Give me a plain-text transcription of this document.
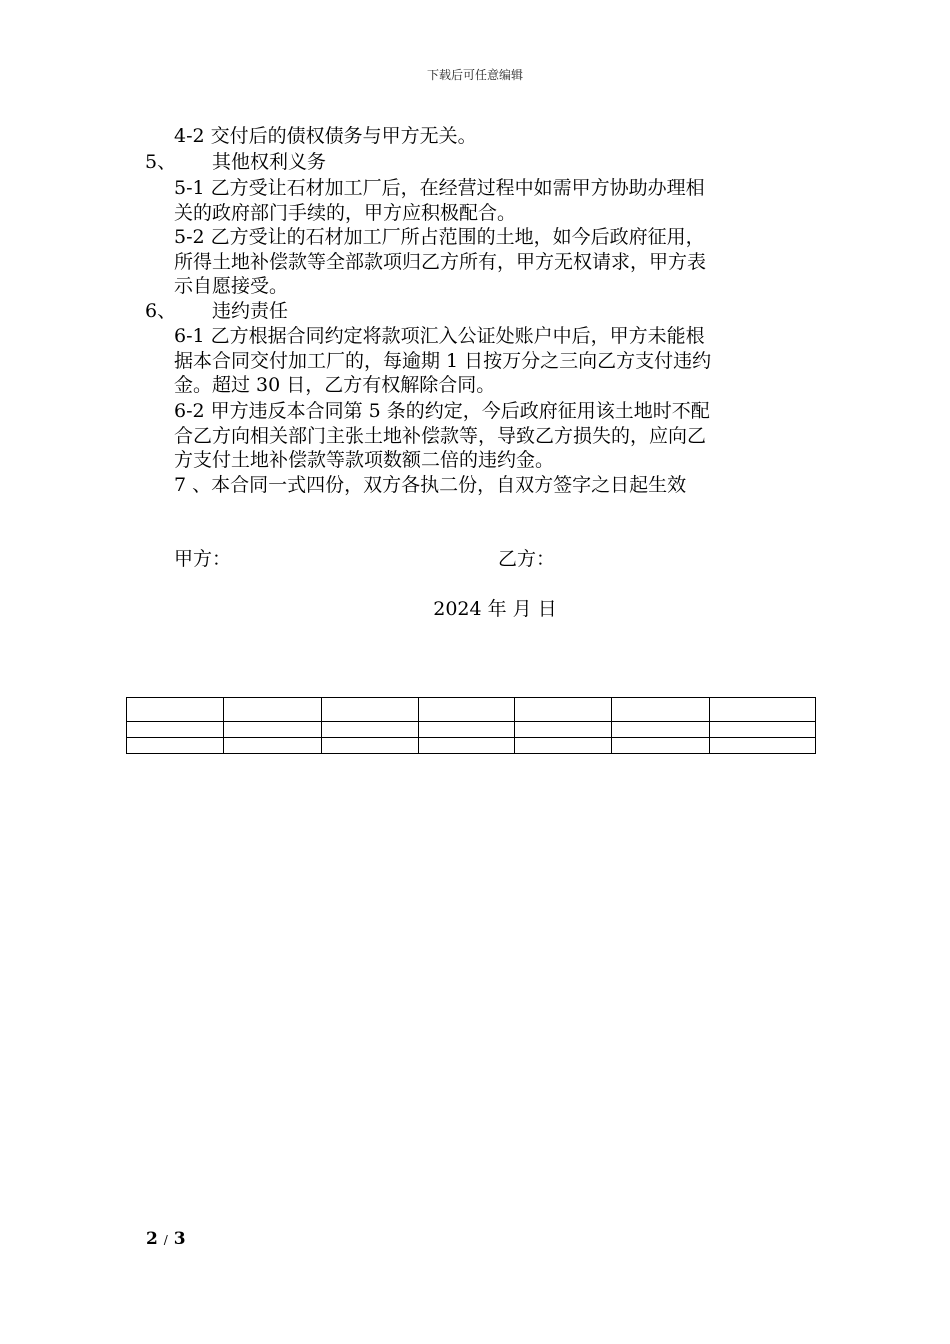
下载后可任意编辑
4-2 交付后的债权债务与甲方无关。
5、 其他权利义务
5-1 乙方受让石材加工厂后，在经营过程中如需甲方协助办理相
关的政府部门手续的，甲方应积极配合。
5-2 乙方受让的石材加工厂所占范围的土地，如今后政府征用，
所得土地补偿款等全部款项归乙方所有，甲方无权请求，甲方表
示自愿接受。
6、 违约责任
6-1 乙方根据合同约定将款项汇入公证处账户中后，甲方未能根
据本合同交付加工厂的，每逾期 1 日按万分之三向乙方支付违约
金。超过 30 日，乙方有权解除合同。
6-2 甲方违反本合同第 5 条的约定，今后政府征用该土地时不配
合乙方向相关部门主张土地补偿款等，导致乙方损失的，应向乙
方支付土地补偿款等款项数额二倍的违约金。
7 、本合同一式四份，双方各执二份，自双方签字之日起生效
甲方：	乙方：
2024 年 月 日

2 / 3
